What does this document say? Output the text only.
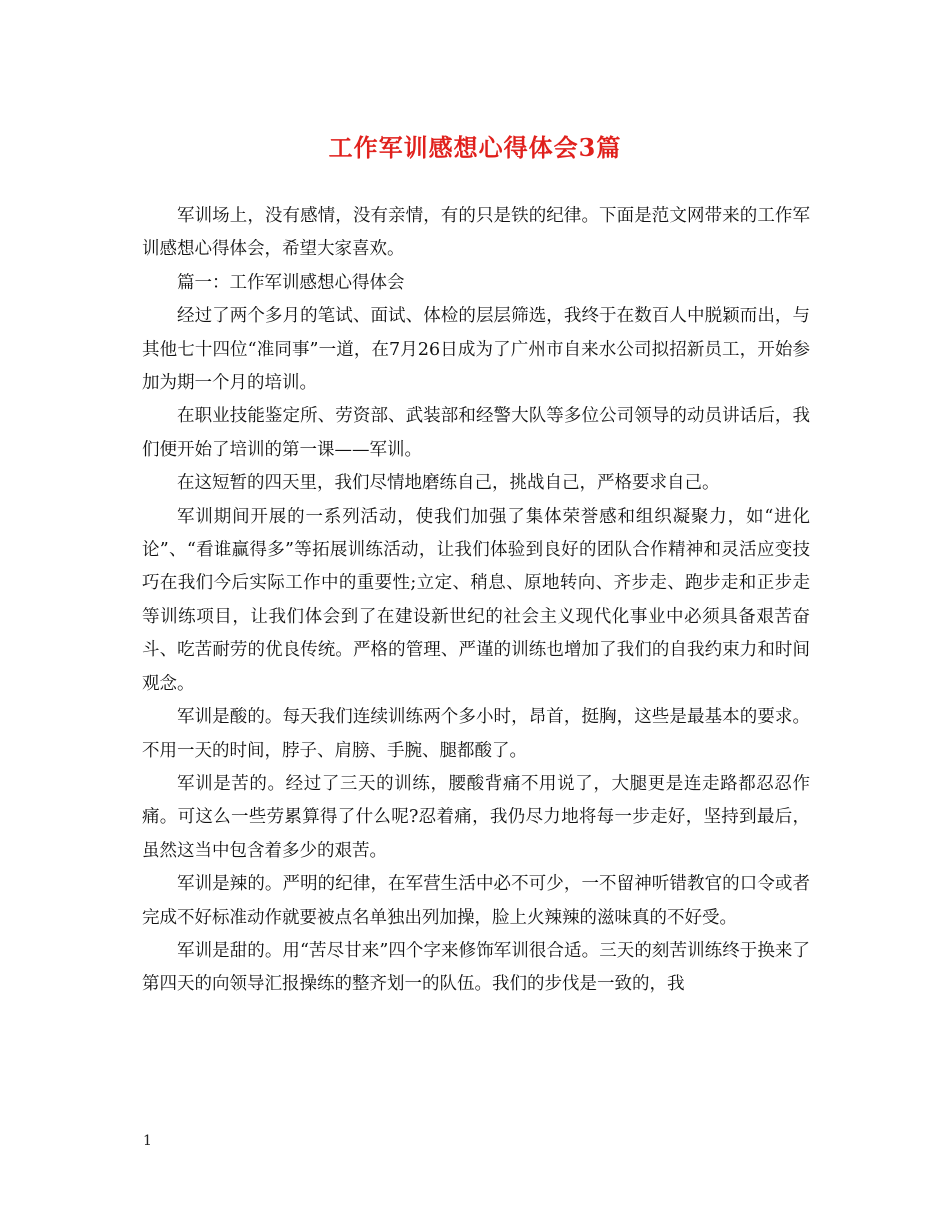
工作军训感想心得体会3篇

军训场上，没有感情，没有亲情，有的只是铁的纪律。下面是范文网带来的工作军训感想心得体会，希望大家喜欢。

篇一：工作军训感想心得体会

经过了两个多月的笔试、面试、体检的层层筛选，我终于在数百人中脱颖而出，与其他七十四位“准同事”一道，在7月26日成为了广州市自来水公司拟招新员工，开始参加为期一个月的培训。

在职业技能鉴定所、劳资部、武装部和经警大队等多位公司领导的动员讲话后，我们便开始了培训的第一课——军训。

在这短暂的四天里，我们尽情地磨练自己，挑战自己，严格要求自己。

军训期间开展的一系列活动，使我们加强了集体荣誉感和组织凝聚力，如“进化论”、“看谁赢得多”等拓展训练活动，让我们体验到良好的团队合作精神和灵活应变技巧在我们今后实际工作中的重要性;立定、稍息、原地转向、齐步走、跑步走和正步走等训练项目，让我们体会到了在建设新世纪的社会主义现代化事业中必须具备艰苦奋斗、吃苦耐劳的优良传统。严格的管理、严谨的训练也增加了我们的自我约束力和时间观念。

军训是酸的。每天我们连续训练两个多小时，昂首，挺胸，这些是最基本的要求。不用一天的时间，脖子、肩膀、手腕、腿都酸了。

军训是苦的。经过了三天的训练，腰酸背痛不用说了，大腿更是连走路都忍忍作痛。可这么一些劳累算得了什么呢?忍着痛，我仍尽力地将每一步走好，坚持到最后，虽然这当中包含着多少的艰苦。

军训是辣的。严明的纪律，在军营生活中必不可少，一不留神听错教官的口令或者完成不好标准动作就要被点名单独出列加操，脸上火辣辣的滋味真的不好受。

军训是甜的。用“苦尽甘来”四个字来修饰军训很合适。三天的刻苦训练终于换来了第四天的向领导汇报操练的整齐划一的队伍。我们的步伐是一致的，我

1
